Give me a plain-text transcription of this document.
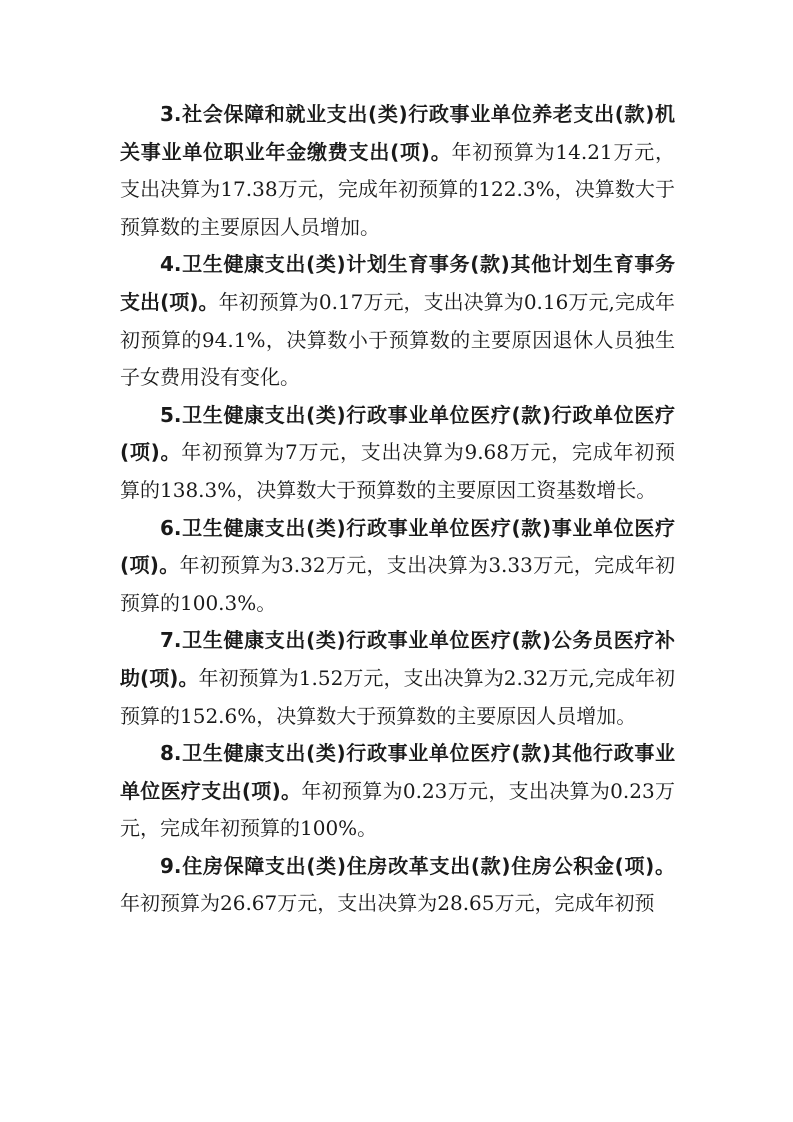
3.社会保障和就业支出(类)行政事业单位养老支出(款)机关事业单位职业年金缴费支出(项)。年初预算为14.21万元，支出决算为17.38万元，完成年初预算的122.3%，决算数大于预算数的主要原因人员增加。

4.卫生健康支出(类)计划生育事务(款)其他计划生育事务支出(项)。年初预算为0.17万元，支出决算为0.16万元,完成年初预算的94.1%，决算数小于预算数的主要原因退休人员独生子女费用没有变化。

5.卫生健康支出(类)行政事业单位医疗(款)行政单位医疗(项)。年初预算为7万元，支出决算为9.68万元，完成年初预算的138.3%，决算数大于预算数的主要原因工资基数增长。

6.卫生健康支出(类)行政事业单位医疗(款)事业单位医疗(项)。年初预算为3.32万元，支出决算为3.33万元，完成年初预算的100.3%。

7.卫生健康支出(类)行政事业单位医疗(款)公务员医疗补助(项)。年初预算为1.52万元，支出决算为2.32万元,完成年初预算的152.6%，决算数大于预算数的主要原因人员增加。

8.卫生健康支出(类)行政事业单位医疗(款)其他行政事业单位医疗支出(项)。年初预算为0.23万元，支出决算为0.23万元，完成年初预算的100%。

9.住房保障支出(类)住房改革支出(款)住房公积金(项)。年初预算为26.67万元，支出决算为28.65万元，完成年初预
